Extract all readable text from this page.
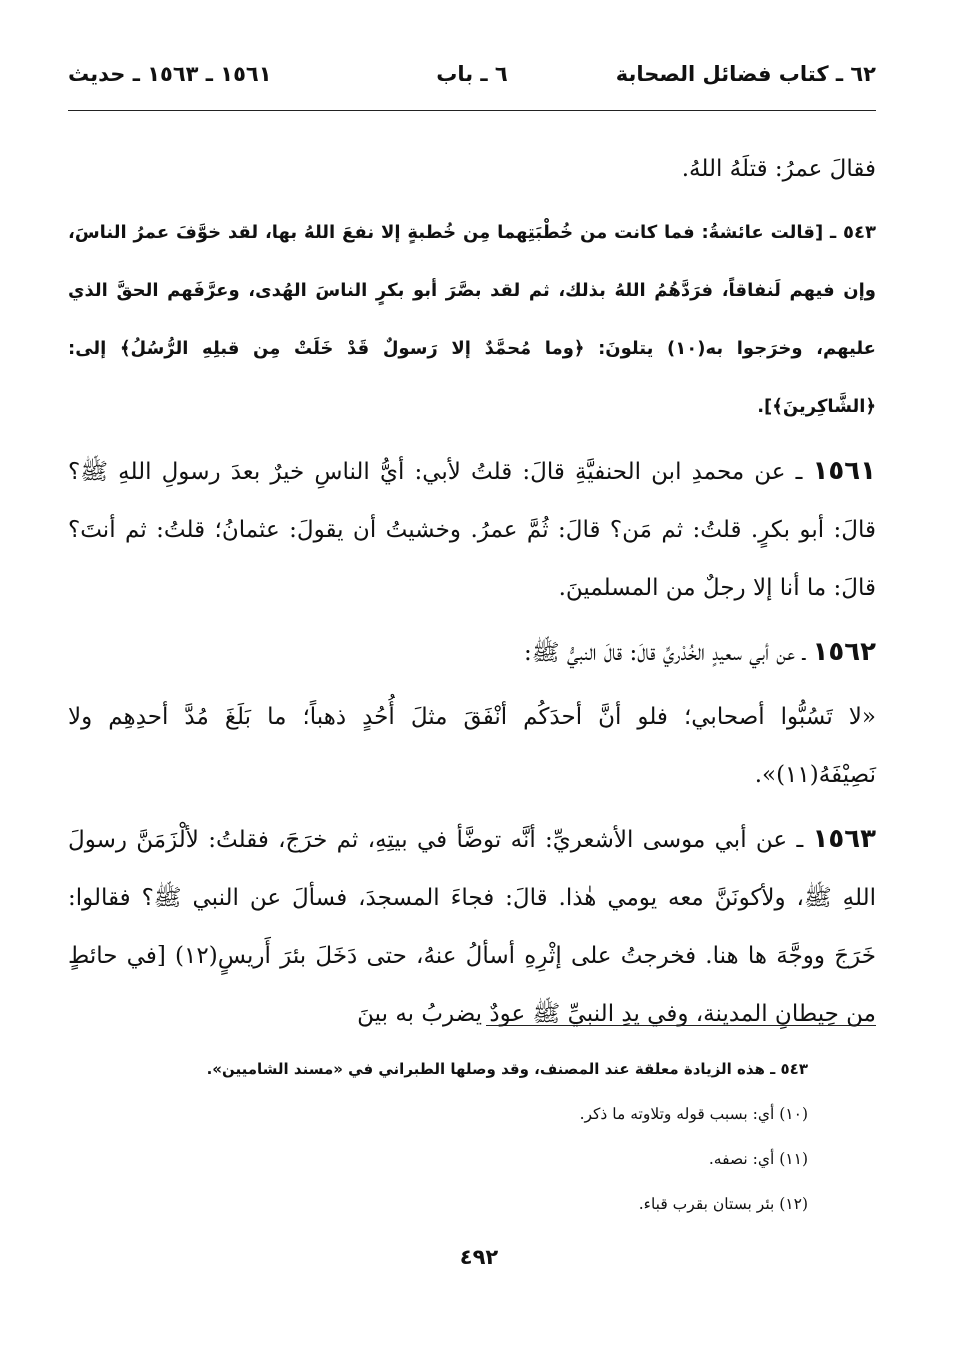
٦٢ ـ كتاب فضائل الصحابة
٦ ـ باب
١٥٦١ ـ ١٥٦٣ ـ حديث

فقالَ عمرُ: قتلَهُ اللهُ.

٥٤٣ ـ [قالت عائشةُ: فما كانت من خُطْبَتِهما مِن خُطبةٍ إلا نفعَ اللهُ بها، لقد خوَّفَ عمرُ الناسَ، وإن فيهم لَنفاقاً، فرَدَّهُمُ اللهُ بذلك، ثم لقد بصَّرَ أبو بكرٍ الناسَ الهُدى، وعرَّفَهم الحقَّ الذي عليهم، وخرَجوا به(١٠) يتلونَ: ﴿وما مُحمَّدٌ إلا رَسولٌ قَدْ خَلَتْ مِن قبلِهِ الرُّسُلُ﴾ إلى: ﴿الشَّاكِرينَ﴾].

١٥٦١ ـ عن محمدِ ابن الحنفيَّةِ قالَ: قلتُ لأبي: أيُّ الناسِ خيرٌ بعدَ رسولِ اللهِ ﷺ؟ قالَ: أبو بكرٍ. قلتُ: ثم مَن؟ قالَ: ثُمَّ عمرُ. وخشيتُ أن يقولَ: عثمانُ؛ قلتُ: ثم أنتَ؟ قالَ: ما أنا إلا رجلٌ من المسلمينَ.

١٥٦٢ ـ عن أبي سعيدٍ الخُدْريِّ قالَ: قالَ النبيُّ ﷺ:

«لا تَسُبُّوا أصحابي؛ فلو أنَّ أحدَكُم أنْفَقَ مثلَ أُحُدٍ ذهباً؛ ما بَلَغَ مُدَّ أحدِهِم ولا نَصِيْفَهُ(١١)».

١٥٦٣ ـ عن أبي موسى الأشعريِّ: أنَّه توضَّأ في بيتِهِ، ثم خرَجَ، فقلتُ: لألْزَمَنَّ رسولَ اللهِ ﷺ، ولأكونَنَّ معه يومي هٰذا. قالَ: فجاءَ المسجدَ، فسألَ عن النبي ﷺ؟ فقالوا: خَرَجَ ووجَّهَ ها هنا. فخرجتُ على إثْرِهِ أسألُ عنهُ، حتى دَخَلَ بئرَ أَريسٍ(١٢) [في حائطٍ من حِيطانِ المدينة، وفي يدِ النبيِّ ﷺ عودٌ يضربُ به بينَ

٥٤٣ ـ هذه الزيادة معلقة عند المصنف، وقد وصلها الطبراني في «مسند الشاميين».
(١٠) أي: بسبب قوله وتلاوته ما ذكر.
(١١) أي: نصفه.
(١٢) بئر بستان بقرب قباء.
٤٩٢
